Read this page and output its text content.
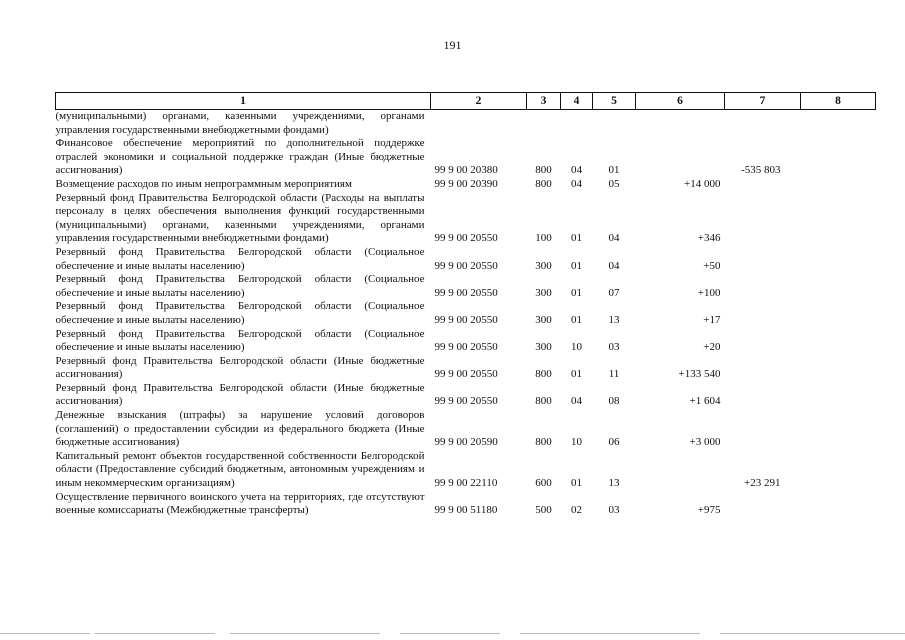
191
1	2	3	4	5	6	7	8
(муниципальными) органами, казенными учреждениями, органами управления государственными внебюджетными фондами)							
Финансовое обеспечение мероприятий по дополнительной поддержке отраслей экономики и социальной поддержке граждан (Иные бюджетные ассигнования)	99 9 00 20380	800	04	01		-535 803	
Возмещение расходов по иным непрограммным мероприятиям	99 9 00 20390	800	04	05	+14 000		
Резервный фонд Правительства Белгородской области (Расходы на выплаты персоналу в целях обеспечения выполнения функций государственными (муниципальными) органами, казенными учреждениями, органами управления государственными внебюджетными фондами)	99 9 00 20550	100	01	04	+346		
Резервный фонд Правительства Белгородской области (Социальное обеспечение и иные вылаты населению)	99 9 00 20550	300	01	04	+50		
Резервный фонд Правительства Белгородской области (Социальное обеспечение и иные вылаты населению)	99 9 00 20550	300	01	07	+100		
Резервный фонд Правительства Белгородской области (Социальное обеспечение и иные вылаты населению)	99 9 00 20550	300	01	13	+17		
Резервный фонд Правительства Белгородской области (Социальное обеспечение и иные вылаты населению)	99 9 00 20550	300	10	03	+20		
Резервный фонд Правительства Белгородской области (Иные бюджетные ассигнования)	99 9 00 20550	800	01	11	+133 540		
Резервный фонд Правительства Белгородской области (Иные бюджетные ассигнования)	99 9 00 20550	800	04	08	+1 604		
Денежные взыскания (штрафы) за нарушение условий договоров (соглашений) о предоставлении субсидии из федерального бюджета (Иные бюджетные ассигнования)	99 9 00 20590	800	10	06	+3 000		
Капитальный ремонт объектов государственной собственности Белгородской области (Предоставление субсидий бюджетным, автономным учреждениям и иным некоммерческим организациям)	99 9 00 22110	600	01	13		+23 291	
Осуществление первичного воинского учета на территориях, где отсутствуют военные комиссариаты (Межбюджетные трансферты)	99 9 00 51180	500	02	03	+975		
